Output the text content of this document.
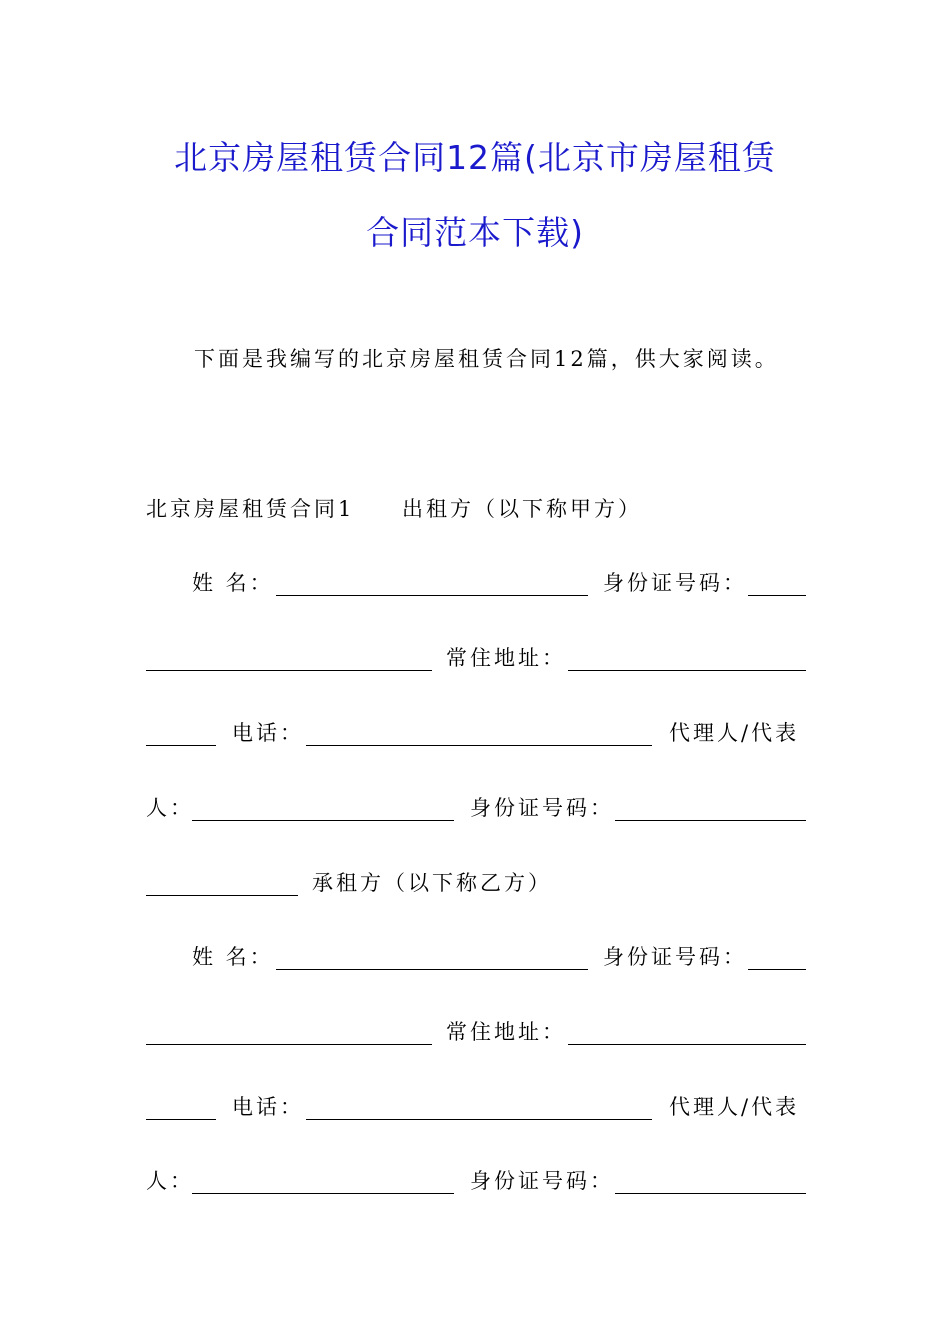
北京房屋租赁合同12篇(北京市房屋租赁
合同范本下载)
下面是我编写的北京房屋租赁合同12篇，供大家阅读。
北京房屋租赁合同1 出租方（以下称甲方）
姓 名：	身份证号码：
常住地址：
电话：	代理人/代表
人：	身份证号码：
承租方（以下称乙方）
姓 名：	身份证号码：
常住地址：
电话：	代理人/代表
人：	身份证号码：
